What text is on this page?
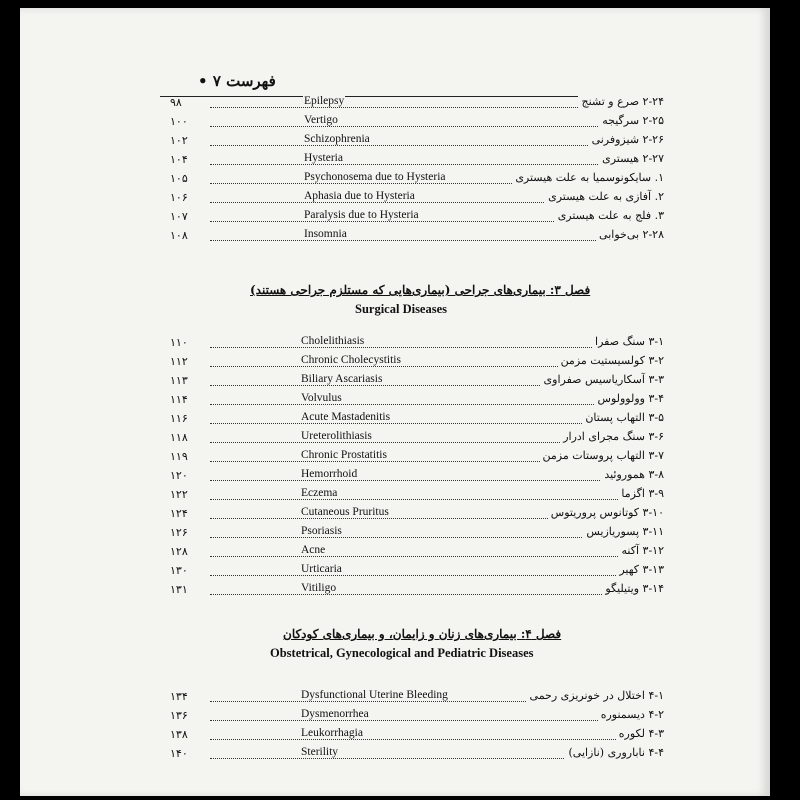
فهرست ۷ •
۹۸	Epilepsy	۲-۲۴ صرع و تشنج
۱۰۰	Vertigo	۲-۲۵ سرگیجه
۱۰۲	Schizophrenia	۲-۲۶ شیزوفرنی
۱۰۴	Hysteria	۲-۲۷ هیستری
۱۰۵	Psychonosema due to Hysteria	۱. سایکونوسمیا به علت هیستری
۱۰۶	Aphasia due to Hysteria	۲. آفازی به علت هیستری
۱۰۷	Paralysis due to Hysteria	۳. فلج به علت هیستری
۱۰۸	Insomnia	۲-۲۸ بی‌خوابی
فصل ۳: بیماری‌های جراحی (بیماری‌هایی که مستلزم جراحی هستند)
Surgical Diseases
۱۱۰	Cholelithiasis	۳-۱ سنگ صفرا
۱۱۲	Chronic Cholecystitis	۳-۲ کولسیستیت مزمن
۱۱۳	Biliary Ascariasis	۳-۳ آسکاریاسیس صفراوی
۱۱۴	Volvulus	۳-۴ وولوولوس
۱۱۶	Acute Mastadenitis	۳-۵ التهاب پستان
۱۱۸	Ureterolithiasis	۳-۶ سنگ مجرای ادرار
۱۱۹	Chronic Prostatitis	۳-۷ التهاب پروستات مزمن
۱۲۰	Hemorrhoid	۳-۸ هموروئید
۱۲۲	Eczema	۳-۹ اگزما
۱۲۴	Cutaneous Pruritus	۳-۱۰ کوتانوس پروریتوس
۱۲۶	Psoriasis	۳-۱۱ پسوریازیس
۱۲۸	Acne	۳-۱۲ آکنه
۱۳۰	Urticaria	۳-۱۳ کهیر
۱۳۱	Vitiligo	۳-۱۴ ویتیلیگو
فصل ۴: بیماری‌های زنان و زایمان، و بیماری‌های کودکان
Obstetrical, Gynecological and Pediatric Diseases
۱۳۴	Dysfunctional Uterine Bleeding	۴-۱ اختلال در خونریزی رحمی
۱۳۶	Dysmenorrhea	۴-۲ دیسمنوره
۱۳۸	Leukorrhagia	۴-۳ لکوره
۱۴۰	Sterility	۴-۴ نابارورى (نازایی)
